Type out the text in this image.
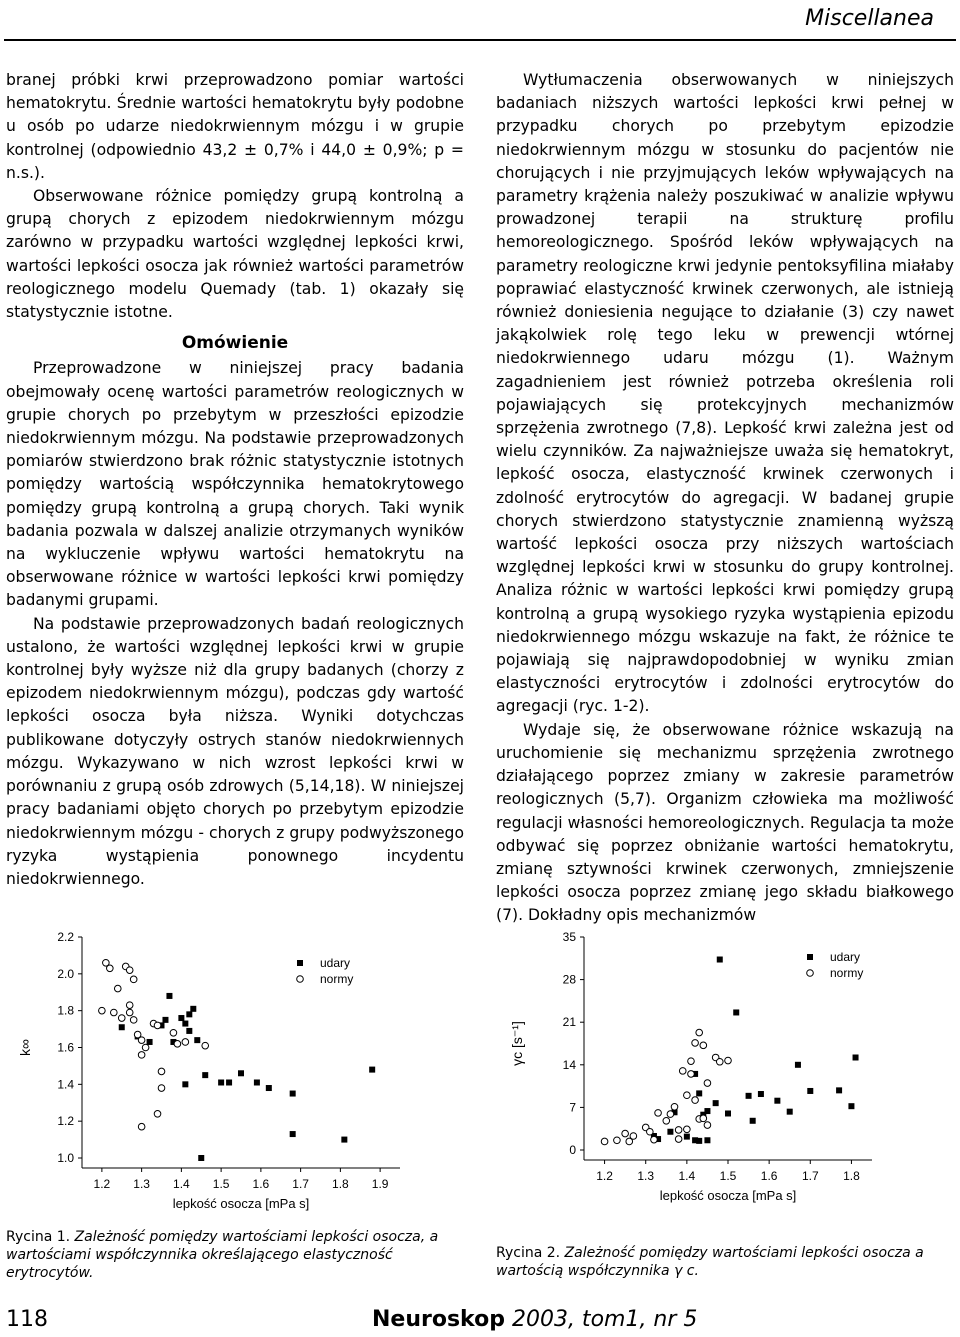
Miscellanea

branej próbki krwi przeprowadzono pomiar wartości hematokrytu. Średnie wartości hematokrytu były podobne u osób po udarze niedokrwiennym mózgu i w grupie kontrolnej (odpowiednio 43,2 ± 0,7% i 44,0 ± 0,9%; p = n.s.).

Obserwowane różnice pomiędzy grupą kontrolną a grupą chorych z epizodem niedokrwiennym mózgu zarówno w przypadku wartości względnej lepkości krwi, wartości lepkości osocza jak również wartości parametrów reologicznego modelu Quemady (tab. 1) okazały się statystycznie istotne.

Omówienie

Przeprowadzone w niniejszej pracy badania obejmowały ocenę wartości parametrów reologicznych w grupie chorych po przebytym w przeszłości epizodzie niedokrwiennym mózgu. Na podstawie przeprowadzonych pomiarów stwierdzono brak różnic statystycznie istotnych pomiędzy wartością współczynnika hematokrytowego pomiędzy grupą kontrolną a grupą chorych. Taki wynik badania pozwala w dalszej analizie otrzymanych wyników na wykluczenie wpływu wartości hematokrytu na obserwowane różnice w wartości lepkości krwi pomiędzy badanymi grupami.

Na podstawie przeprowadzonych badań reologicznych ustalono, że wartości względnej lepkości krwi w grupie kontrolnej były wyższe niż dla grupy badanych (chorzy z epizodem niedokrwiennym mózgu), podczas gdy wartość lepkości osocza była niższa. Wyniki dotychczas publikowane dotyczyły ostrych stanów niedokrwiennych mózgu. Wykazywano w nich wzrost lepkości krwi w porównaniu z grupą osób zdrowych (5,14,18). W niniejszej pracy badaniami objęto chorych po przebytym epizodzie niedokrwiennym mózgu - chorych z grupy podwyższonego ryzyka wystąpienia ponownego incydentu niedokrwiennego.

Wytłumaczenia obserwowanych w niniejszych badaniach niższych wartości lepkości krwi pełnej w przypadku chorych po przebytym epizodzie niedokrwiennym mózgu w stosunku do pacjentów nie chorujących i nie przyjmujących leków wpływających na parametry krążenia należy poszukiwać w analizie wpływu prowadzonej terapii na strukturę profilu hemoreologicznego. Spośród leków wpływających na parametry reologiczne krwi jedynie pentoksyfilina miałaby poprawiać elastyczność krwinek czerwonych, ale istnieją również doniesienia negujące to działanie (3) czy nawet jakąkolwiek rolę tego leku w prewencji wtórnej niedokrwiennego udaru mózgu (1). Ważnym zagadnieniem jest również potrzeba określenia roli pojawiających się protekcyjnych mechanizmów sprzężenia zwrotnego (7,8). Lepkość krwi zależna jest od wielu czynników. Za najważniejsze uważa się hematokryt, lepkość osocza, elastyczność krwinek czerwonych i zdolność erytrocytów do agregacji. W badanej grupie chorych stwierdzono statystycznie znamienną wyższą wartość lepkości osocza przy niższych wartościach względnej lepkości krwi w stosunku do grupy kontrolnej. Analiza różnic w wartości lepkości krwi pomiędzy grupą kontrolną a grupą wysokiego ryzyka wystąpienia epizodu niedokrwiennego mózgu wskazuje na fakt, że różnice te pojawiają się najprawdopodobniej w wyniku zmian elastyczności erytrocytów i zdolności erytrocytów do agregacji (ryc. 1-2).

Wydaje się, że obserwowane różnice wskazują na uruchomienie się mechanizmu sprzężenia zwrotnego działającego poprzez zmiany w zakresie parametrów reologicznych (5,7). Organizm człowieka ma możliwość regulacji własności hemoreologicznych. Regulacja ta może odbywać się poprzez obniżanie wartości hematokrytu, zmianę sztywności krwinek czerwonych, zmniejszenie lepkości osocza poprzez zmianę jego składu białkowego (7). Dokładny opis mechanizmów

1.0
1.2
1.4
1.6
1.8
2.0
2.2
1.2 1.3 1.4 1.5 1.6 1.7 1.8 1.9
lepkość osocza [mPa s]
k∞
udary
normy
0
7
14
21
28
35
1.2 1.3 1.4 1.5 1.6 1.7 1.8
lepkość osocza [mPa s]
γc [s⁻¹]
udary
normy
Rycina 1. Zależność pomiędzy wartościami lepkości osocza, a wartościami współczynnika określającego elastyczność erytrocytów.
Rycina 2. Zależność pomiędzy wartościami lepkości osocza a wartością współczynnika γ c.
118	Neuroskop 2003, tom1, nr 5
